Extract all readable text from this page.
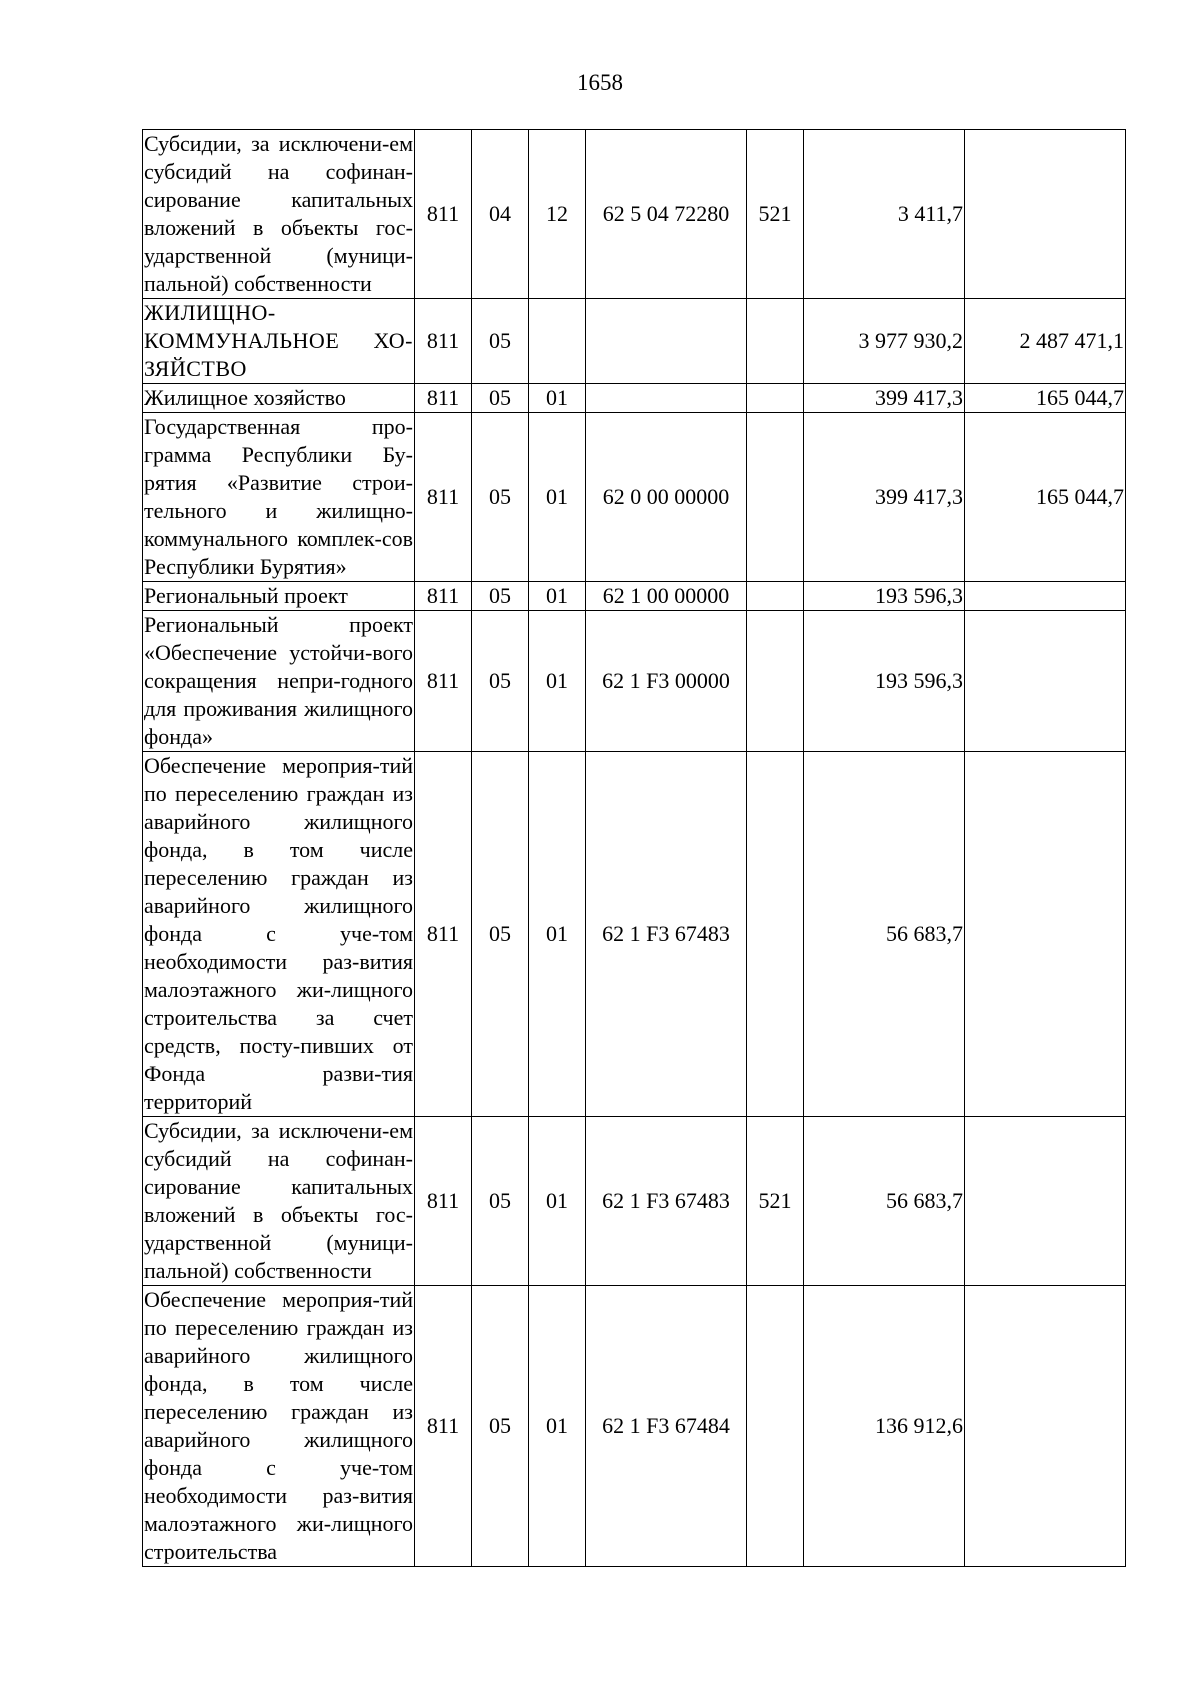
1658
Субсидии, за исключени-ем субсидий на софинан-сирование капитальных вложений в объекты гос-ударственной (муници-пальной) собственности	811	04	12	62 5 04 72280	521	3 411,7	
ЖИЛИЩНО-КОММУНАЛЬНОЕ ХО-ЗЯЙСТВО	811	05				3 977 930,2	2 487 471,1
Жилищное хозяйство	811	05	01			399 417,3	165 044,7
Государственная про-грамма Республики Бу-рятия «Развитие строи-тельного и жилищно-коммунального комплек-сов Республики Бурятия»	811	05	01	62 0 00 00000		399 417,3	165 044,7
Региональный проект	811	05	01	62 1 00 00000		193 596,3	
Региональный проект «Обеспечение устойчи-вого сокращения непри-годного для проживания жилищного фонда»	811	05	01	62 1 F3 00000		193 596,3	
Обеспечение мероприя-тий по переселению граждан из аварийного жилищного фонда, в том числе переселению граждан из аварийного жилищного фонда с уче-том необходимости раз-вития малоэтажного жи-лищного строительства за счет средств, посту-пивших от Фонда разви-тия территорий	811	05	01	62 1 F3 67483		56 683,7	
Субсидии, за исключени-ем субсидий на софинан-сирование капитальных вложений в объекты гос-ударственной (муници-пальной) собственности	811	05	01	62 1 F3 67483	521	56 683,7	
Обеспечение мероприя-тий по переселению граждан из аварийного жилищного фонда, в том числе переселению граждан из аварийного жилищного фонда с уче-том необходимости раз-вития малоэтажного жи-лищного строительства	811	05	01	62 1 F3 67484		136 912,6	
